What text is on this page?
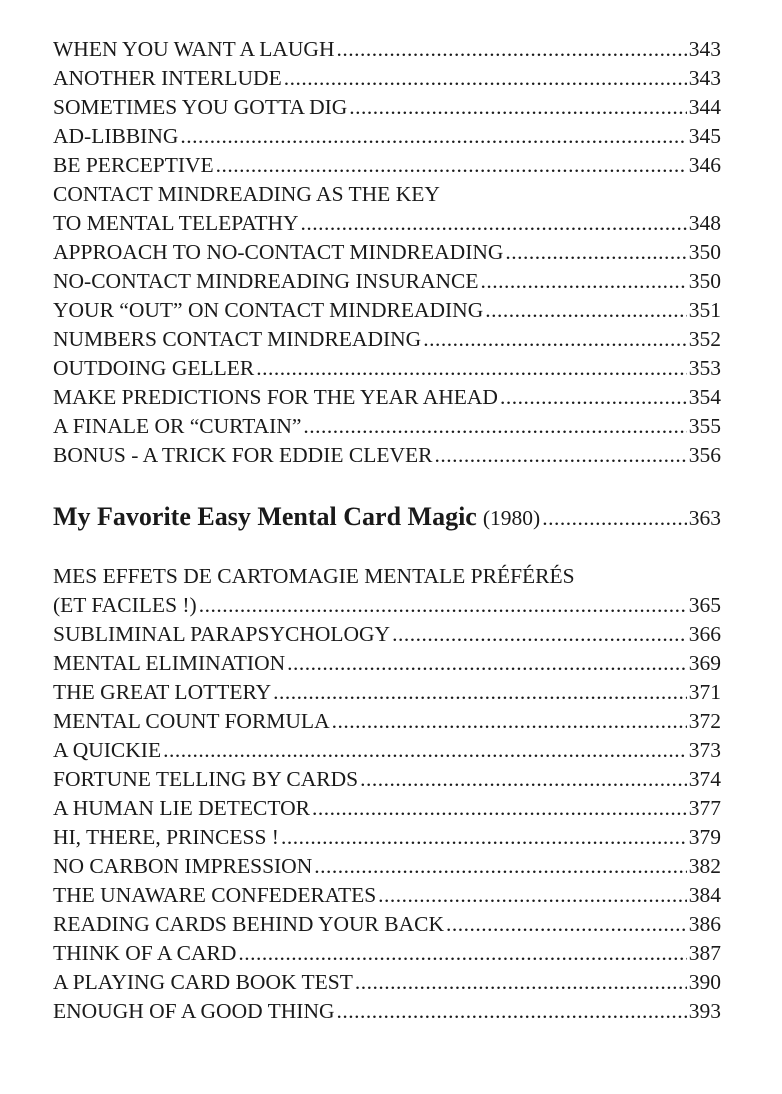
WHEN YOU WANT A LAUGH .....	343
ANOTHER INTERLUDE .....	343
SOMETIMES YOU GOTTA DIG .....	344
AD-LIBBING .....	345
BE PERCEPTIVE .....	346
CONTACT MINDREADING AS THE KEY
TO MENTAL TELEPATHY .....	348
APPROACH TO NO-CONTACT MINDREADING .....	350
NO-CONTACT MINDREADING INSURANCE .....	350
YOUR “OUT” ON CONTACT MINDREADING .....	351
NUMBERS CONTACT MINDREADING .....	352
OUTDOING GELLER .....	353
MAKE PREDICTIONS FOR THE YEAR AHEAD .....	354
A FINALE OR “CURTAIN” .....	355
BONUS - A TRICK FOR EDDIE CLEVER .....	356
My Favorite Easy Mental Card Magic (1980) .....	363
MES EFFETS DE CARTOMAGIE MENTALE PRÉFÉRÉS
(ET FACILES !) .....	365
SUBLIMINAL PARAPSYCHOLOGY .....	366
MENTAL ELIMINATION .....	369
THE GREAT LOTTERY .....	371
MENTAL COUNT FORMULA .....	372
A QUICKIE .....	373
FORTUNE TELLING BY CARDS .....	374
A HUMAN LIE DETECTOR .....	377
HI, THERE, PRINCESS ! .....	379
NO CARBON IMPRESSION .....	382
THE UNAWARE CONFEDERATES .....	384
READING CARDS BEHIND YOUR BACK .....	386
THINK OF A CARD .....	387
A PLAYING CARD BOOK TEST .....	390
ENOUGH OF A GOOD THING .....	393
